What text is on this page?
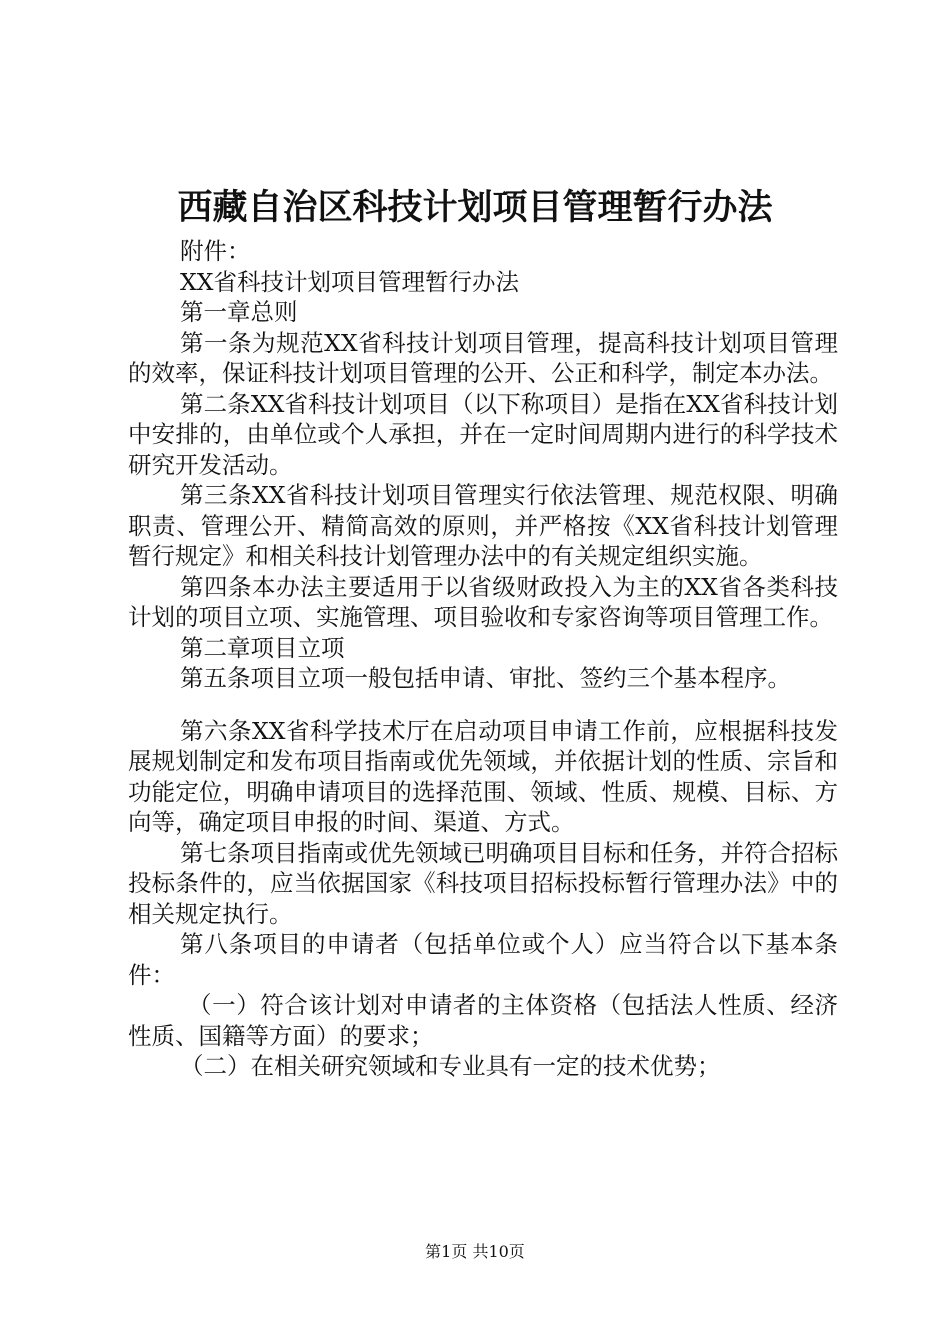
西藏自治区科技计划项目管理暂行办法

附件：

XX省科技计划项目管理暂行办法

第一章总则

第一条为规范XX省科技计划项目管理，提高科技计划项目管理的效率，保证科技计划项目管理的公开、公正和科学，制定本办法。

第二条XX省科技计划项目（以下称项目）是指在XX省科技计划中安排的，由单位或个人承担，并在一定时间周期内进行的科学技术研究开发活动。

第三条XX省科技计划项目管理实行依法管理、规范权限、明确职责、管理公开、精简高效的原则，并严格按《XX省科技计划管理暂行规定》和相关科技计划管理办法中的有关规定组织实施。

第四条本办法主要适用于以省级财政投入为主的XX省各类科技计划的项目立项、实施管理、项目验收和专家咨询等项目管理工作。

第二章项目立项

第五条项目立项一般包括申请、审批、签约三个基本程序。

第六条XX省科学技术厅在启动项目申请工作前，应根据科技发展规划制定和发布项目指南或优先领域，并依据计划的性质、宗旨和功能定位，明确申请项目的选择范围、领域、性质、规模、目标、方向等，确定项目申报的时间、渠道、方式。

第七条项目指南或优先领域已明确项目目标和任务，并符合招标投标条件的，应当依据国家《科技项目招标投标暂行管理办法》中的相关规定执行。

第八条项目的申请者（包括单位或个人）应当符合以下基本条件：

（一）符合该计划对申请者的主体资格（包括法人性质、经济性质、国籍等方面）的要求；

（二）在相关研究领域和专业具有一定的技术优势；

第1页 共10页
